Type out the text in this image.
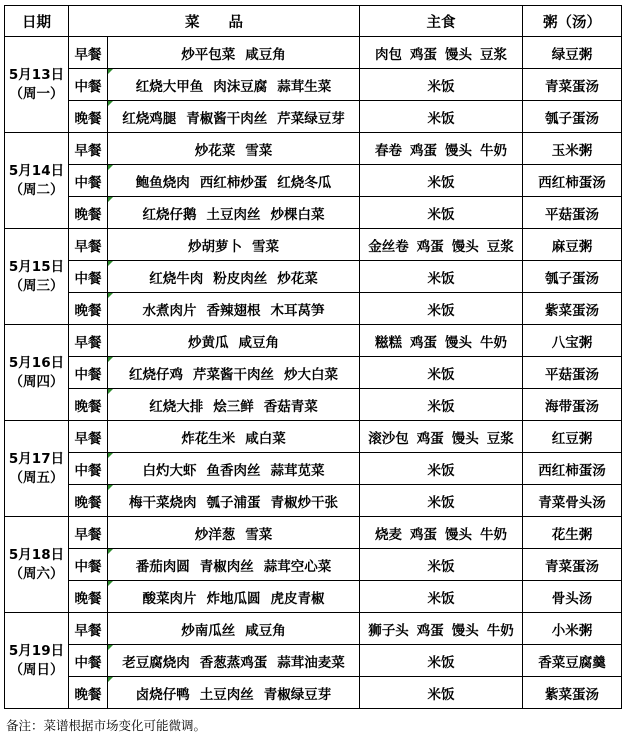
日期	菜　　品		主食	粥（汤）

5月13日
（周一）	早餐	炒平包菜 咸豆角	肉包 鸡蛋 馒头 豆浆	绿豆粥
	中餐	红烧大甲鱼 肉沫豆腐 蒜茸生菜	米饭	青菜蛋汤
	晚餐	红烧鸡腿 青椒酱干肉丝 芹菜绿豆芽	米饭	瓠子蛋汤

5月14日
（周二）	早餐	炒花菜 雪菜	春卷 鸡蛋 馒头 牛奶	玉米粥
	中餐	鲍鱼烧肉 西红柿炒蛋 红烧冬瓜	米饭	西红柿蛋汤
	晚餐	红烧仔鹅 土豆肉丝 炒棵白菜	米饭	平菇蛋汤

5月15日
（周三）	早餐	炒胡萝卜 雪菜	金丝卷 鸡蛋 馒头 豆浆	麻豆粥
	中餐	红烧牛肉 粉皮肉丝 炒花菜	米饭	瓠子蛋汤
	晚餐	水煮肉片 香辣翅根 木耳莴笋	米饭	紫菜蛋汤

5月16日
（周四）	早餐	炒黄瓜 咸豆角	糍糕 鸡蛋 馒头 牛奶	八宝粥
	中餐	红烧仔鸡 芹菜酱干肉丝 炒大白菜	米饭	平菇蛋汤
	晚餐	红烧大排 烩三鲜 香菇青菜	米饭	海带蛋汤

5月17日
（周五）	早餐	炸花生米 咸白菜	滚沙包 鸡蛋 馒头 豆浆	红豆粥
	中餐	白灼大虾 鱼香肉丝 蒜茸苋菜	米饭	西红柿蛋汤
	晚餐	梅干菜烧肉 瓠子浦蛋 青椒炒干张	米饭	青菜骨头汤

5月18日
（周六）	早餐	炒洋葱 雪菜	烧麦 鸡蛋 馒头 牛奶	花生粥
	中餐	番茄肉圆 青椒肉丝 蒜茸空心菜	米饭	青菜蛋汤
	晚餐	酸菜肉片 炸地瓜圆 虎皮青椒	米饭	骨头汤

5月19日
（周日）	早餐	炒南瓜丝 咸豆角	狮子头 鸡蛋 馒头 牛奶	小米粥
	中餐	老豆腐烧肉 香葱蒸鸡蛋 蒜茸油麦菜	米饭	香菜豆腐羹
	晚餐	卤烧仔鸭 土豆肉丝 青椒绿豆芽	米饭	紫菜蛋汤
备注：菜谱根据市场变化可能微调。
